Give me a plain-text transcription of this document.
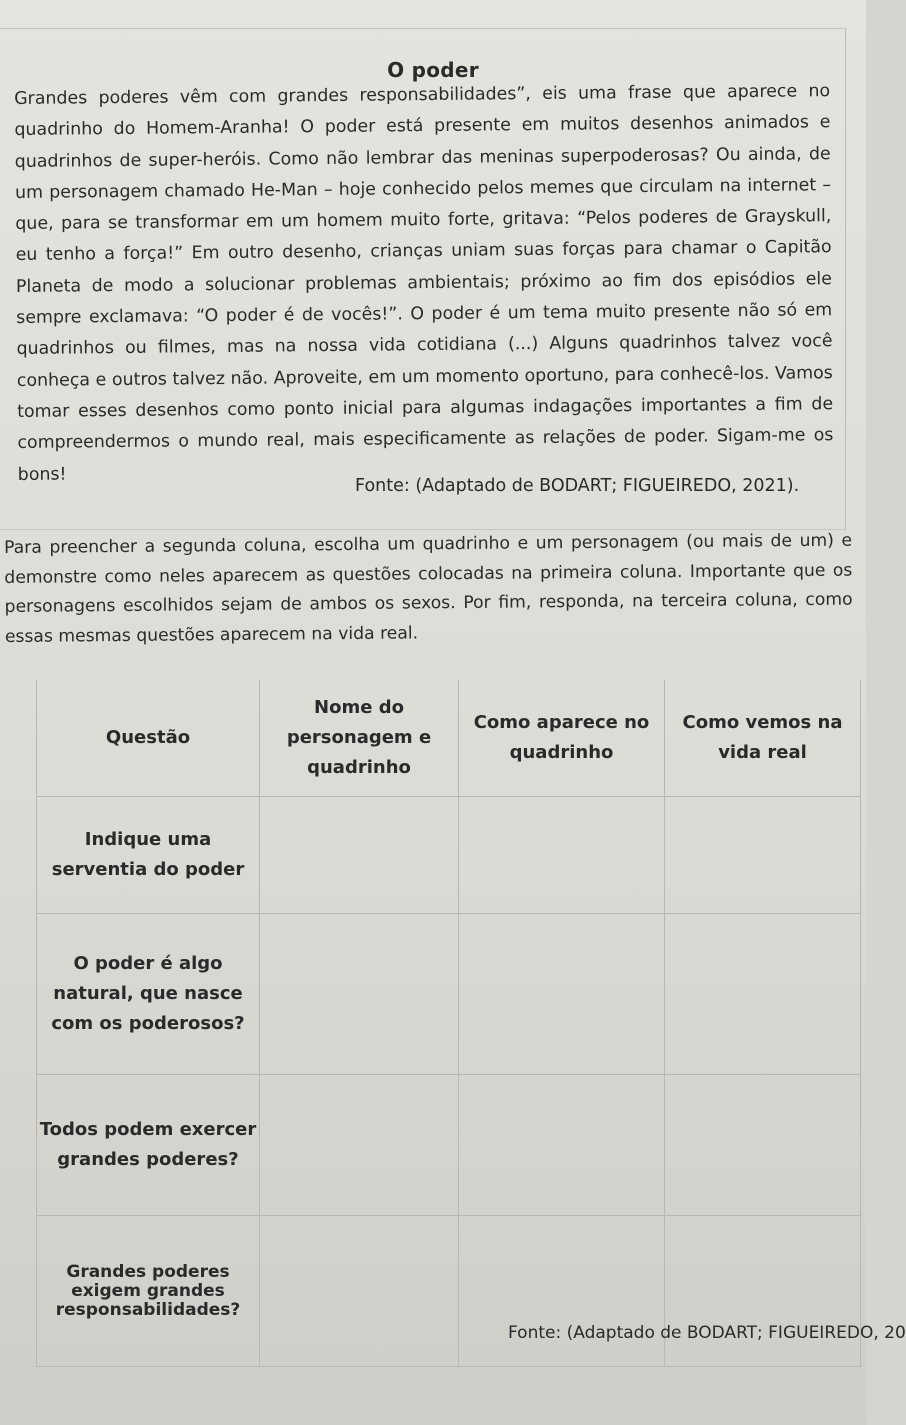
O poder

Grandes poderes vêm com grandes responsabilidades”, eis uma frase que aparece no quadrinho do Homem-Aranha! O poder está presente em muitos desenhos animados e quadrinhos de super-heróis. Como não lembrar das meninas superpoderosas? Ou ainda, de um personagem chamado He-Man – hoje conhecido pelos memes que circulam na internet – que, para se transformar em um homem muito forte, gritava: “Pelos poderes de Grayskull, eu tenho a força!” Em outro desenho, crianças uniam suas forças para chamar o Capitão Planeta de modo a solucionar problemas ambientais; próximo ao fim dos episódios ele sempre exclamava: “O poder é de vocês!”. O poder é um tema muito presente não só em quadrinhos ou filmes, mas na nossa vida cotidiana (...) Alguns quadrinhos talvez você conheça e outros talvez não. Aproveite, em um momento oportuno, para conhecê-los. Vamos tomar esses desenhos como ponto inicial para algumas indagações importantes a fim de compreendermos o mundo real, mais especificamente as relações de poder. Sigam-me os bons!

Fonte: (Adaptado de BODART; FIGUEIREDO, 2021).

Para preencher a segunda coluna, escolha um quadrinho e um personagem (ou mais de um) e demonstre como neles aparecem as questões colocadas na primeira coluna. Importante que os personagens escolhidos sejam de ambos os sexos. Por fim, responda, na terceira coluna, como essas mesmas questões aparecem na vida real.

Questão	Nome do personagem e quadrinho	Como aparece no quadrinho	Como vemos na vida real
Indique uma serventia do poder			
O poder é algo natural, que nasce com os poderosos?			
Todos podem exercer grandes poderes?			
Grandes poderes exigem grandes responsabilidades?			
Fonte: (Adaptado de BODART; FIGUEIREDO, 20
